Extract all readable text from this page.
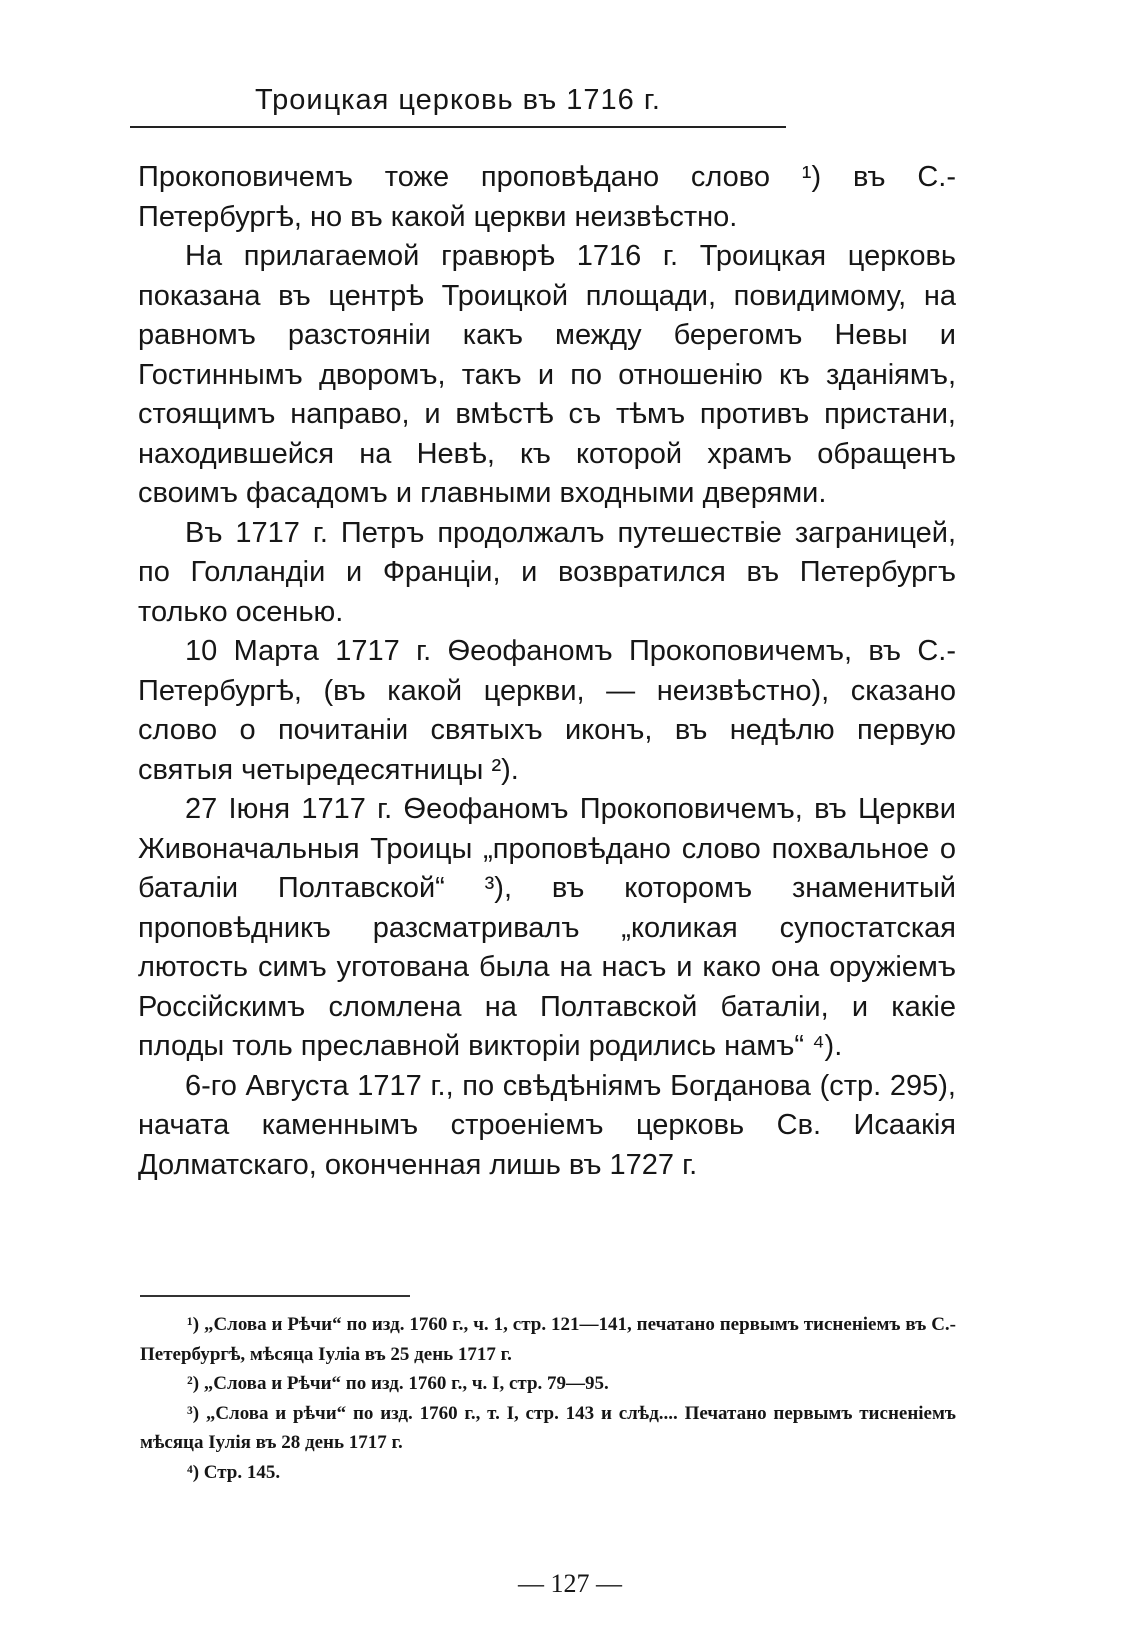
Троицкая церковь въ 1716 г.

Прокоповичемъ тоже проповѣдано слово ¹) въ С.-Петербургѣ, но въ какой церкви неизвѣстно.

На прилагаемой гравюрѣ 1716 г. Троицкая церковь показана въ центрѣ Троицкой площади, повидимому, на равномъ разстояніи какъ между берегомъ Невы и Гостиннымъ дворомъ, такъ и по отношенію къ зданіямъ, стоящимъ направо, и вмѣстѣ съ тѣмъ противъ пристани, находившейся на Невѣ, къ которой храмъ обращенъ своимъ фасадомъ и главными входными дверями.

Въ 1717 г. Петръ продолжалъ путешествіе заграницей, по Голландіи и Франціи, и возвратился въ Петербургъ только осенью.

10 Марта 1717 г. Ѳеофаномъ Прокоповичемъ, въ С.-Петербургѣ, (въ какой церкви, — неизвѣстно), сказано слово о почитаніи святыхъ иконъ, въ недѣлю первую святыя четыредесятницы ²).

27 Іюня 1717 г. Ѳеофаномъ Прокоповичемъ, въ Церкви Живоначальныя Троицы „проповѣдано слово похвальное о баталіи Полтавской“ ³), въ которомъ знаменитый проповѣдникъ разсматривалъ „коликая супостатская лютость симъ уготована была на насъ и како она оружіемъ Россійскимъ сломлена на Полтавской баталіи, и какіе плоды толь преславной викторіи родились намъ“ ⁴).

6-го Августа 1717 г., по свѣдѣніямъ Богданова (стр. 295), начата каменнымъ строеніемъ церковь Св. Исаакія Долматскаго, оконченная лишь въ 1727 г.

¹) „Слова и Рѣчи“ по изд. 1760 г., ч. 1, стр. 121—141, печатано первымъ тисненіемъ въ С.-Петербургѣ, мѣсяца Іуліа въ 25 день 1717 г.

²) „Слова и Рѣчи“ по изд. 1760 г., ч. I, стр. 79—95.

³) „Слова и рѣчи“ по изд. 1760 г., т. I, стр. 143 и слѣд.... Печатано первымъ тисненіемъ мѣсяца Іулія въ 28 день 1717 г.

⁴) Стр. 145.

— 127 —
